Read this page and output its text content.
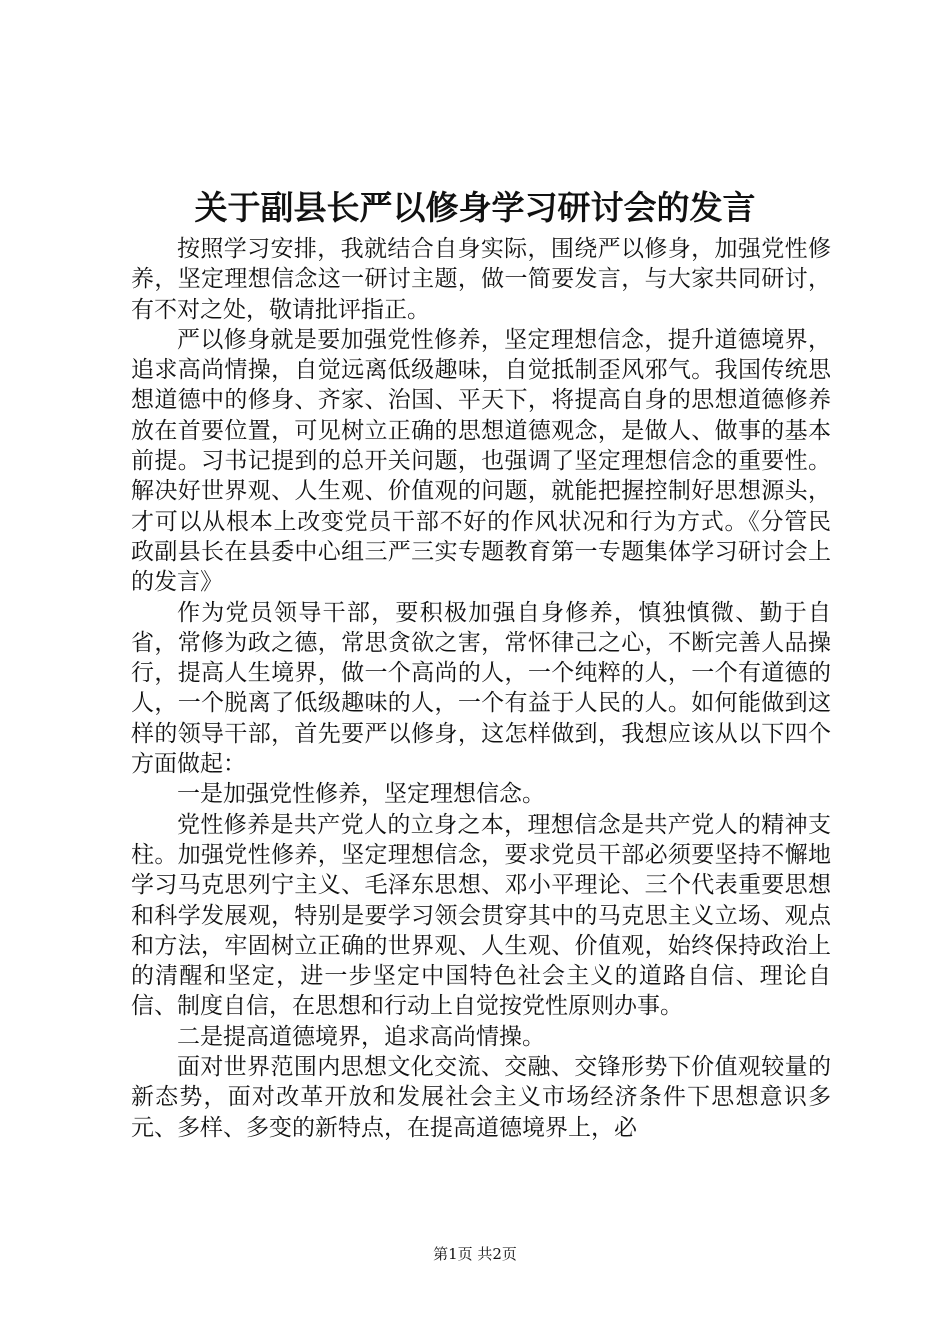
关于副县长严以修身学习研讨会的发言

按照学习安排，我就结合自身实际，围绕严以修身，加强党性修养，坚定理想信念这一研讨主题，做一简要发言，与大家共同研讨，有不对之处，敬请批评指正。

严以修身就是要加强党性修养，坚定理想信念，提升道德境界，追求高尚情操，自觉远离低级趣味，自觉抵制歪风邪气。我国传统思想道德中的修身、齐家、治国、平天下，将提高自身的思想道德修养放在首要位置，可见树立正确的思想道德观念，是做人、做事的基本前提。习书记提到的总开关问题，也强调了坚定理想信念的重要性。解决好世界观、人生观、价值观的问题，就能把握控制好思想源头，才可以从根本上改变党员干部不好的作风状况和行为方式。《分管民政副县长在县委中心组三严三实专题教育第一专题集体学习研讨会上的发言》

作为党员领导干部，要积极加强自身修养，慎独慎微、勤于自省，常修为政之德，常思贪欲之害，常怀律己之心，不断完善人品操行，提高人生境界，做一个高尚的人，一个纯粹的人，一个有道德的人，一个脱离了低级趣味的人，一个有益于人民的人。如何能做到这样的领导干部，首先要严以修身，这怎样做到，我想应该从以下四个方面做起：

一是加强党性修养，坚定理想信念。

党性修养是共产党人的立身之本，理想信念是共产党人的精神支柱。加强党性修养，坚定理想信念，要求党员干部必须要坚持不懈地学习马克思列宁主义、毛泽东思想、邓小平理论、三个代表重要思想和科学发展观，特别是要学习领会贯穿其中的马克思主义立场、观点和方法，牢固树立正确的世界观、人生观、价值观，始终保持政治上的清醒和坚定，进一步坚定中国特色社会主义的道路自信、理论自信、制度自信，在思想和行动上自觉按党性原则办事。

二是提高道德境界，追求高尚情操。

面对世界范围内思想文化交流、交融、交锋形势下价值观较量的新态势，面对改革开放和发展社会主义市场经济条件下思想意识多元、多样、多变的新特点，在提高道德境界上，必

第1页 共2页
